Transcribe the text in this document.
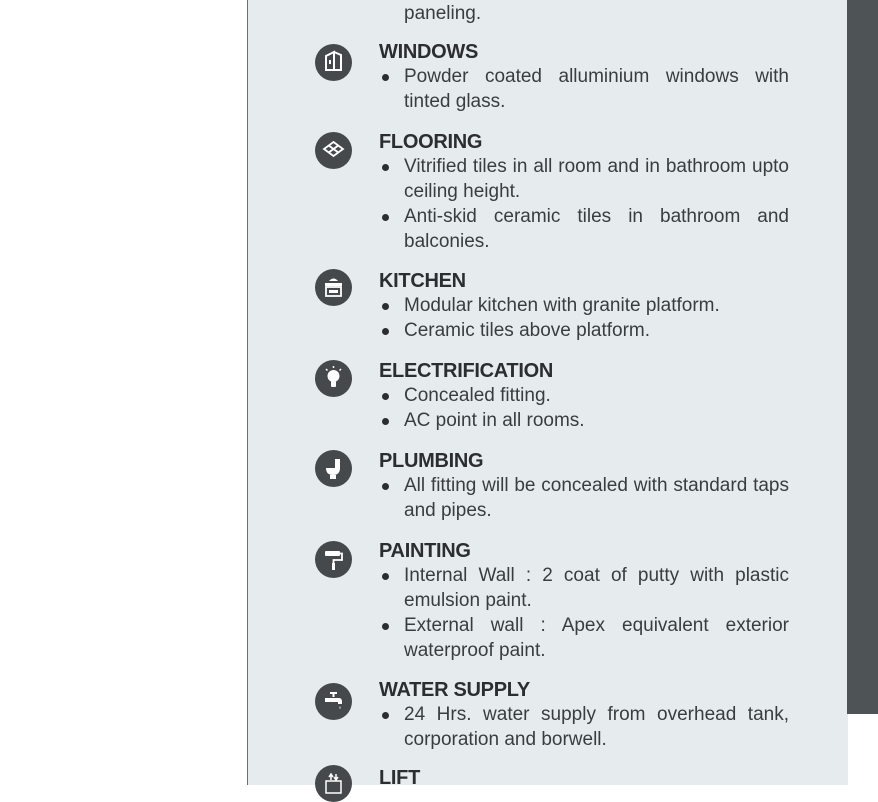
paneling.
WINDOWS
Powder coated alluminium windows with tinted glass.
FLOORING
Vitrified tiles in all room and in bathroom upto ceiling height.
Anti-skid ceramic tiles in bathroom and balconies.
KITCHEN
Modular kitchen with granite platform.
Ceramic tiles above platform.
ELECTRIFICATION
Concealed fitting.
AC point in all rooms.
PLUMBING
All fitting will be concealed with standard taps and pipes.
PAINTING
Internal Wall : 2 coat of putty with plastic emulsion paint.
External wall : Apex equivalent exterior waterproof paint.
WATER SUPPLY
24 Hrs. water supply from overhead tank, corporation and borwell.
LIFT
